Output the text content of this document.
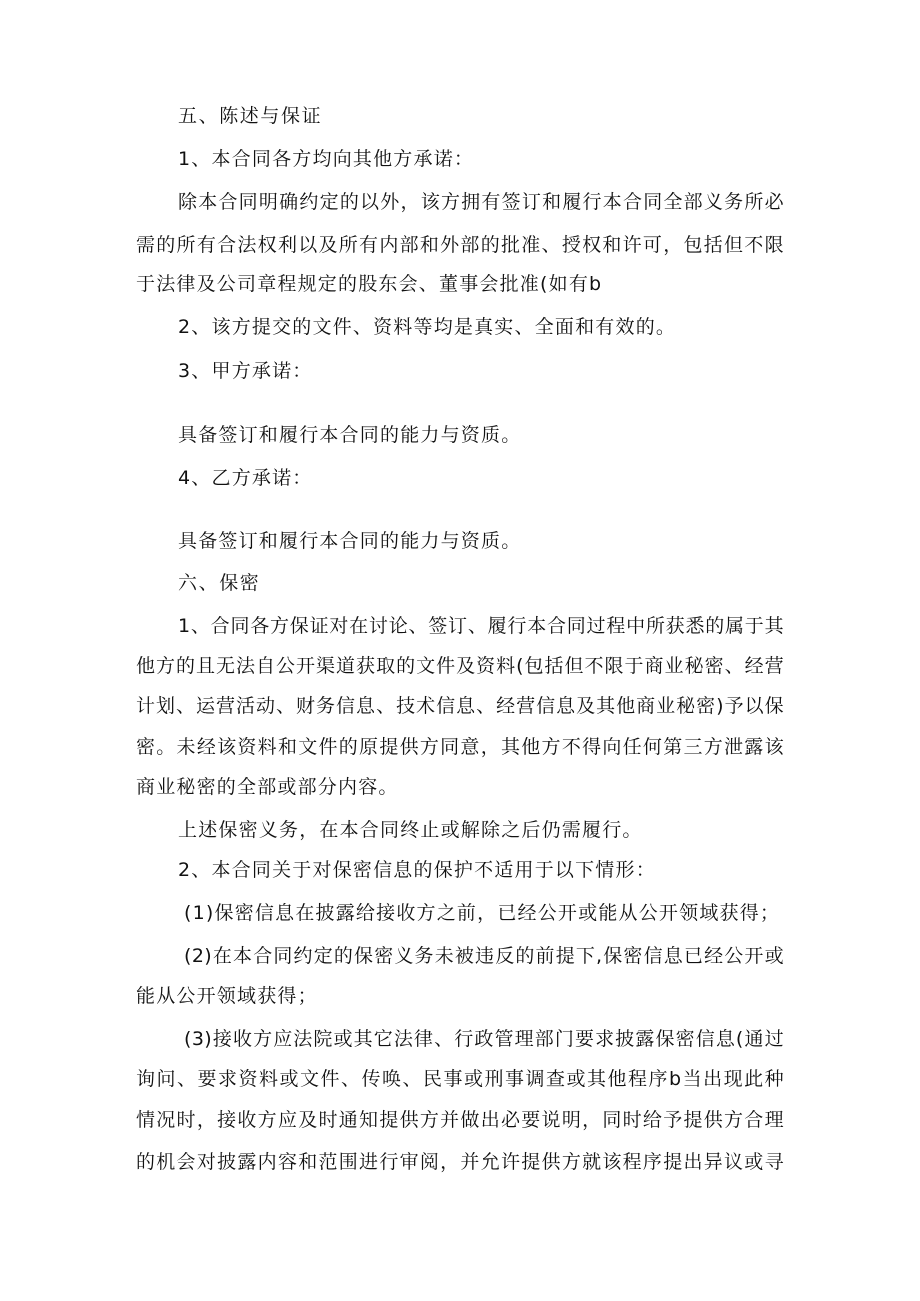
五、陈述与保证
1、本合同各方均向其他方承诺：
除本合同明确约定的以外，该方拥有签订和履行本合同全部义务所必
需的所有合法权利以及所有内部和外部的批准、授权和许可，包括但不限
于法律及公司章程规定的股东会、董事会批准(如有b
2、该方提交的文件、资料等均是真实、全面和有效的。
3、甲方承诺：
具备签订和履行本合同的能力与资质。
4、乙方承诺：
具备签订和履行本合同的能力与资质。
六、保密
1、合同各方保证对在讨论、签订、履行本合同过程中所获悉的属于其
他方的且无法自公开渠道获取的文件及资料(包括但不限于商业秘密、经营
计划、运营活动、财务信息、技术信息、经营信息及其他商业秘密)予以保
密。未经该资料和文件的原提供方同意，其他方不得向任何第三方泄露该
商业秘密的全部或部分内容。
上述保密义务，在本合同终止或解除之后仍需履行。
2、本合同关于对保密信息的保护不适用于以下情形：
(1)保密信息在披露给接收方之前，已经公开或能从公开领域获得；
(2)在本合同约定的保密义务未被违反的前提下,保密信息已经公开或
能从公开领域获得；
(3)接收方应法院或其它法律、行政管理部门要求披露保密信息(通过
询问、要求资料或文件、传唤、民事或刑事调查或其他程序b当出现此种
情况时，接收方应及时通知提供方并做出必要说明，同时给予提供方合理
的机会对披露内容和范围进行审阅，并允许提供方就该程序提出异议或寻
